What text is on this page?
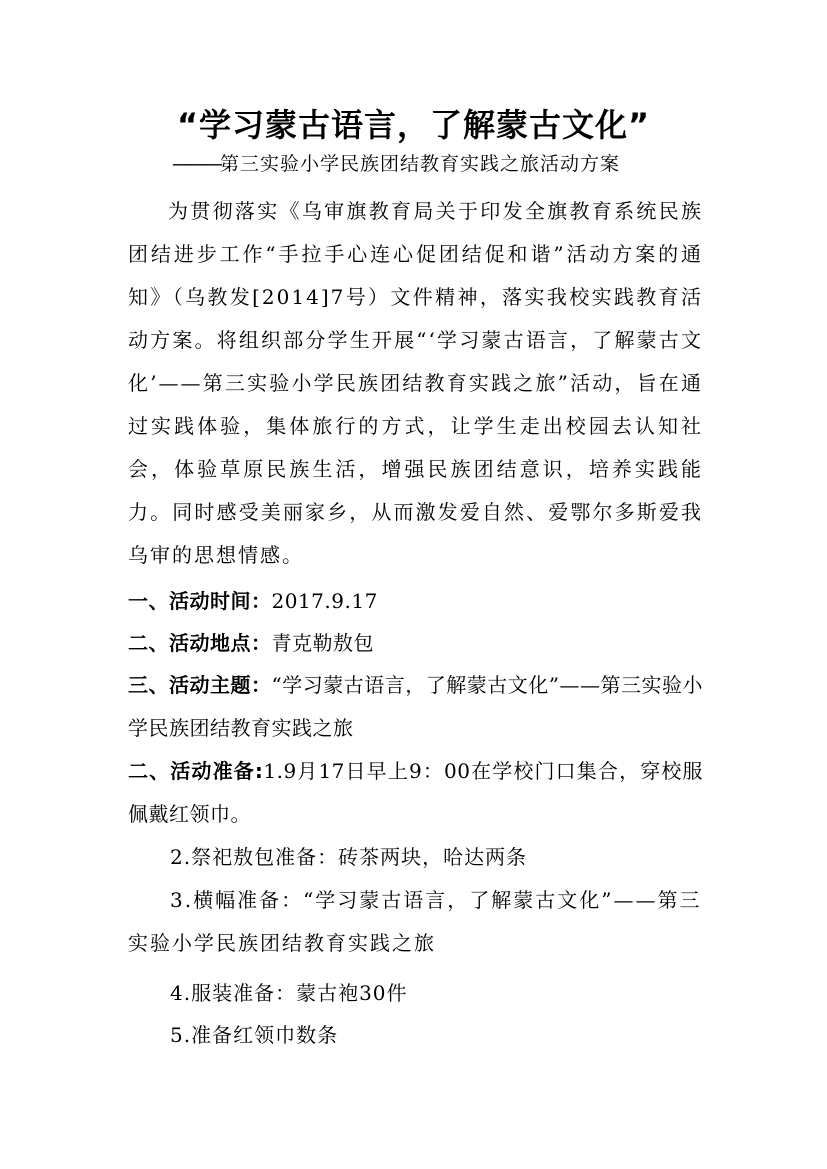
“学习蒙古语言，了解蒙古文化”
———第三实验小学民族团结教育实践之旅活动方案
为贯彻落实《乌审旗教育局关于印发全旗教育系统民族团结进步工作“手拉手心连心促团结促和谐”活动方案的通知》（乌教发[2014]7号）文件精神，落实我校实践教育活动方案。将组织部分学生开展“‘学习蒙古语言，了解蒙古文化’——第三实验小学民族团结教育实践之旅”活动，旨在通过实践体验，集体旅行的方式，让学生走出校园去认知社会，体验草原民族生活，增强民族团结意识，培养实践能力。同时感受美丽家乡，从而激发爱自然、爱鄂尔多斯爱我乌审的思想情感。
一、活动时间：2017.9.17
二、活动地点：青克勒敖包
三、活动主题：“学习蒙古语言，了解蒙古文化”——第三实验小学民族团结教育实践之旅
二、活动准备:1.9月17日早上9：00在学校门口集合，穿校服佩戴红领巾。
2.祭祀敖包准备：砖茶两块，哈达两条
3.横幅准备：“学习蒙古语言，了解蒙古文化”——第三实验小学民族团结教育实践之旅
4.服装准备：蒙古袍30件
5.准备红领巾数条
